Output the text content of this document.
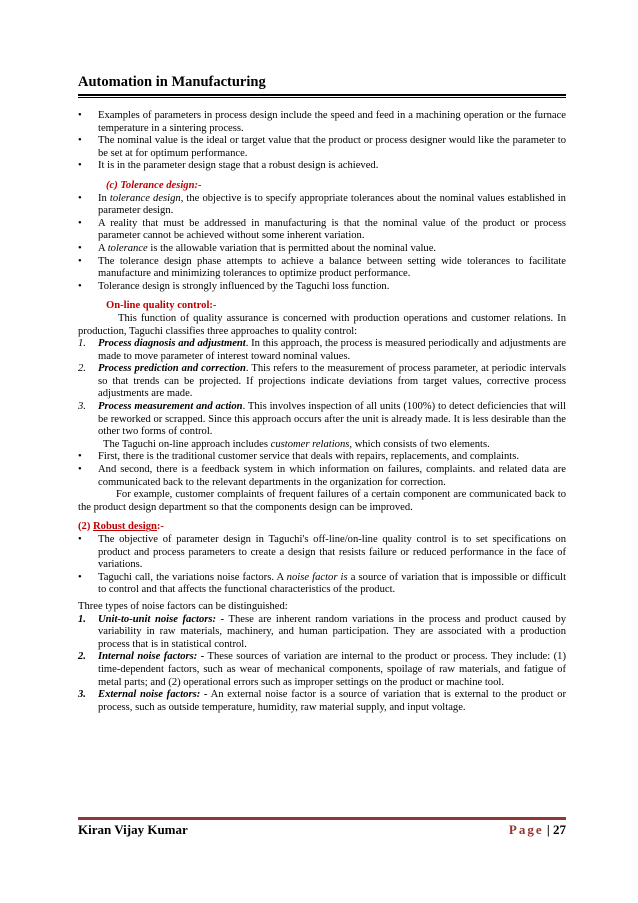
Automation in Manufacturing

• Examples of parameters in process design include the speed and feed in a machining operation or the furnace temperature in a sintering process.

• The nominal value is the ideal or target value that the product or process designer would like the parameter to be set at for optimum performance.

• It is in the parameter design stage that a robust design is achieved.

(c) Tolerance design:-

• In tolerance design, the objective is to specify appropriate tolerances about the nominal values established in parameter design.

• A reality that must be addressed in manufacturing is that the nominal value of the product or process parameter cannot be achieved without some inherent variation.

• A tolerance is the allowable variation that is permitted about the nominal value.

• The tolerance design phase attempts to achieve a balance between setting wide tolerances to facilitate manufacture and minimizing tolerances to optimize product performance.

• Tolerance design is strongly influenced by the Taguchi loss function.

On-line quality control:-

This function of quality assurance is concerned with production operations and customer relations. In production, Taguchi classifies three approaches to quality control:

1. Process diagnosis and adjustment. In this approach, the process is measured periodically and adjustments are made to move parameter of interest toward nominal values.

2. Process prediction and correction. This refers to the measurement of process parameter, at periodic intervals so that trends can be projected. If projections indicate deviations from target values, corrective process adjustments are made.

3. Process measurement and action. This involves inspection of all units (100%) to detect deficiencies that will be reworked or scrapped. Since this approach occurs after the unit is already made. It is less desirable than the other two forms of control.

The Taguchi on-line approach includes customer relations, which consists of two elements.

• First, there is the traditional customer service that deals with repairs, replacements, and complaints.

• And second, there is a feedback system in which information on failures, complaints. and related data are communicated back to the relevant departments in the organization for correction.

For example, customer complaints of frequent failures of a certain component are communicated back to the product design department so that the components design can be improved.

(2) Robust design:-

• The objective of parameter design in Taguchi's off-line/on-line quality control is to set specifications on product and process parameters to create a design that resists failure or reduced performance in the face of variations.

• Taguchi call, the variations noise factors. A noise factor is a source of variation that is impossible or difficult to control and that affects the functional characteristics of the product.

Three types of noise factors can be distinguished:

1. Unit-to-unit noise factors: - These are inherent random variations in the process and product caused by variability in raw materials, machinery, and human participation. They are associated with a production process that is in statistical control.

2. Internal noise factors: - These sources of variation are internal to the product or process. They include: (1) time-dependent factors, such as wear of mechanical components, spoilage of raw materials, and fatigue of metal parts; and (2) operational errors such as improper settings on the product or machine tool.

3. External noise factors: - An external noise factor is a source of variation that is external to the product or process, such as outside temperature, humidity, raw material supply, and input voltage.

Kiran Vijay Kumar	Page | 27
